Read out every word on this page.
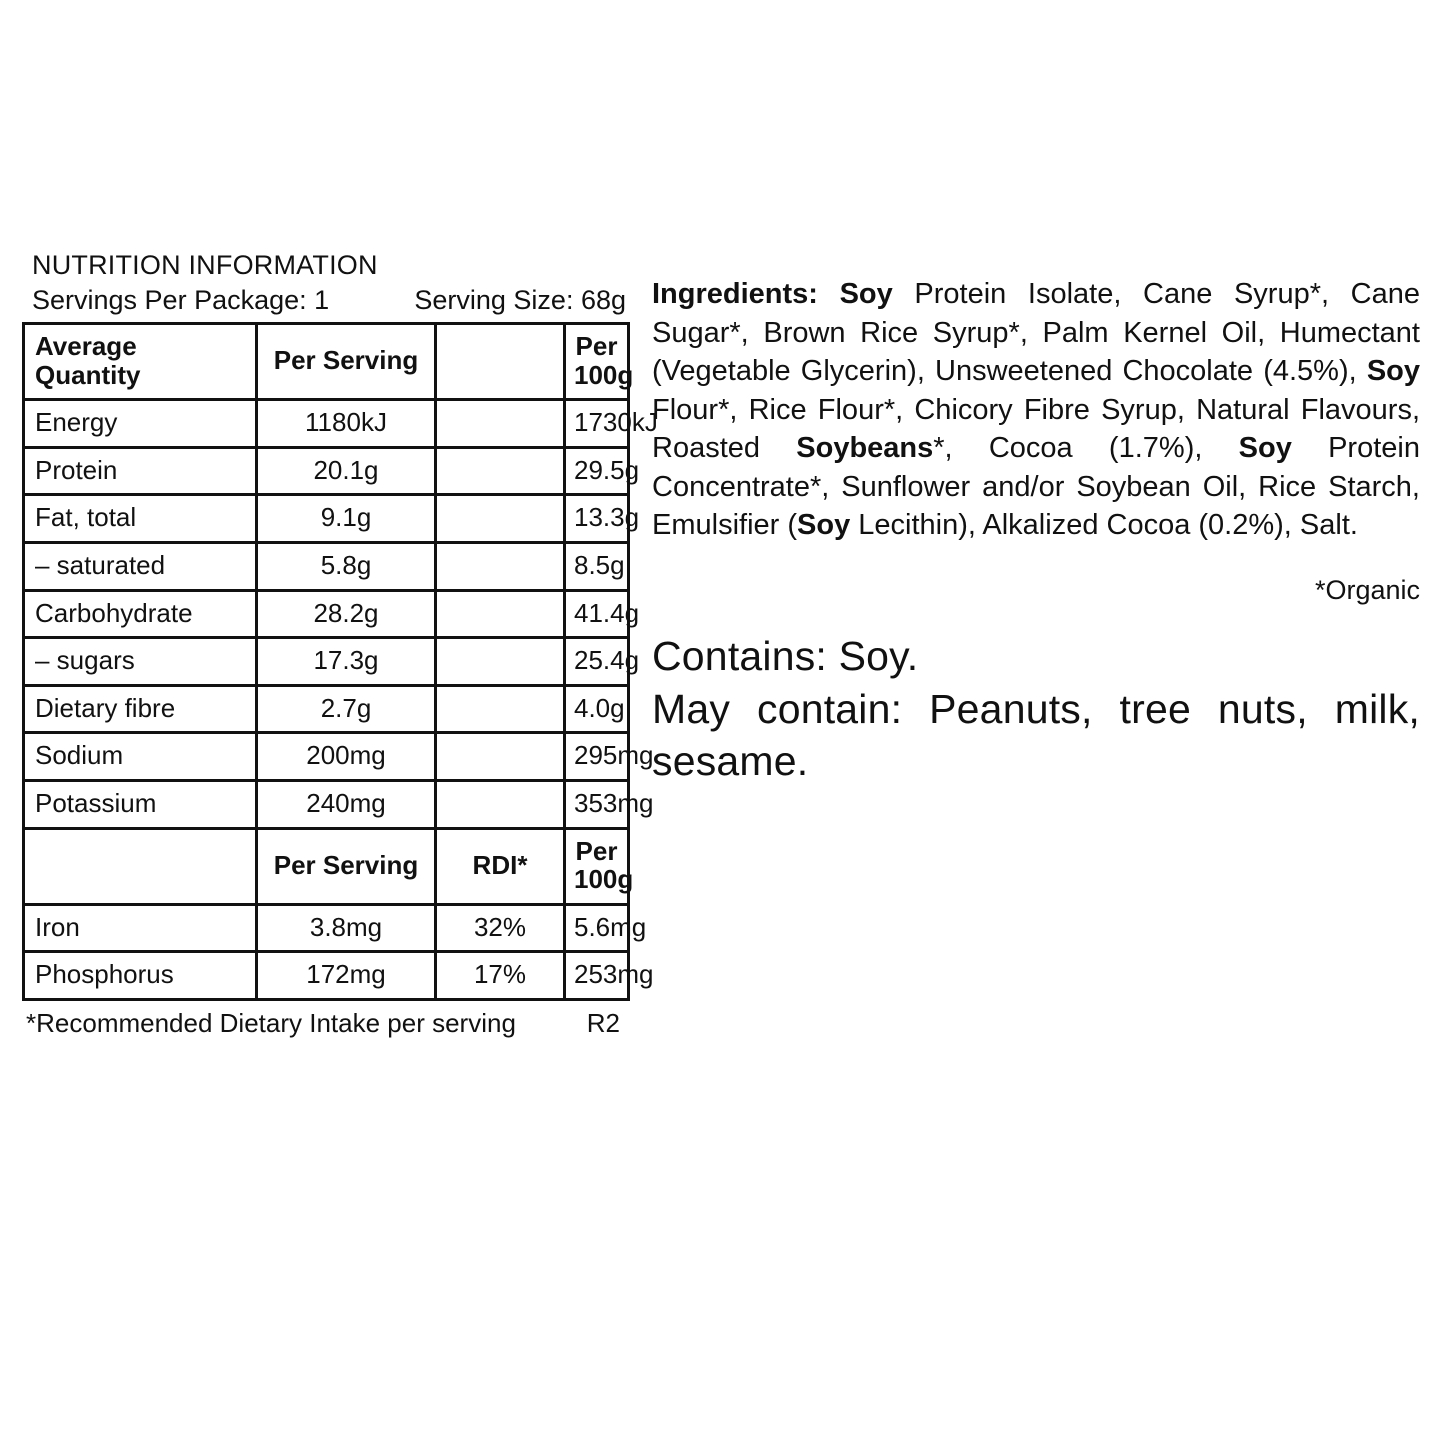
NUTRITION INFORMATION
Servings Per Package: 1	Serving Size: 68g
Average Quantity	Per Serving		Per 100g
Energy	1180kJ		1730kJ
Protein	20.1g		29.5g
Fat, total	9.1g		13.3g
– saturated	5.8g		8.5g
Carbohydrate	28.2g		41.4g
– sugars	17.3g		25.4g
Dietary fibre	2.7g		4.0g
Sodium	200mg		295mg
Potassium	240mg		353mg
	Per Serving	RDI*	Per 100g
Iron	3.8mg	32%	5.6mg
Phosphorus	172mg	17%	253mg
*Recommended Dietary Intake per serving	R2

Ingredients: Soy Protein Isolate, Cane Syrup*, Cane Sugar*, Brown Rice Syrup*, Palm Kernel Oil, Humectant (Vegetable Glycerin), Unsweetened Chocolate (4.5%), Soy Flour*, Rice Flour*, Chicory Fibre Syrup, Natural Flavours, Roasted Soybeans*, Cocoa (1.7%), Soy Protein Concentrate*, Sunflower and/or Soybean Oil, Rice Starch, Emulsifier (Soy Lecithin), Alkalized Cocoa (0.2%), Salt.

*Organic
Contains: Soy.
May contain: Peanuts, tree nuts, milk, sesame.
